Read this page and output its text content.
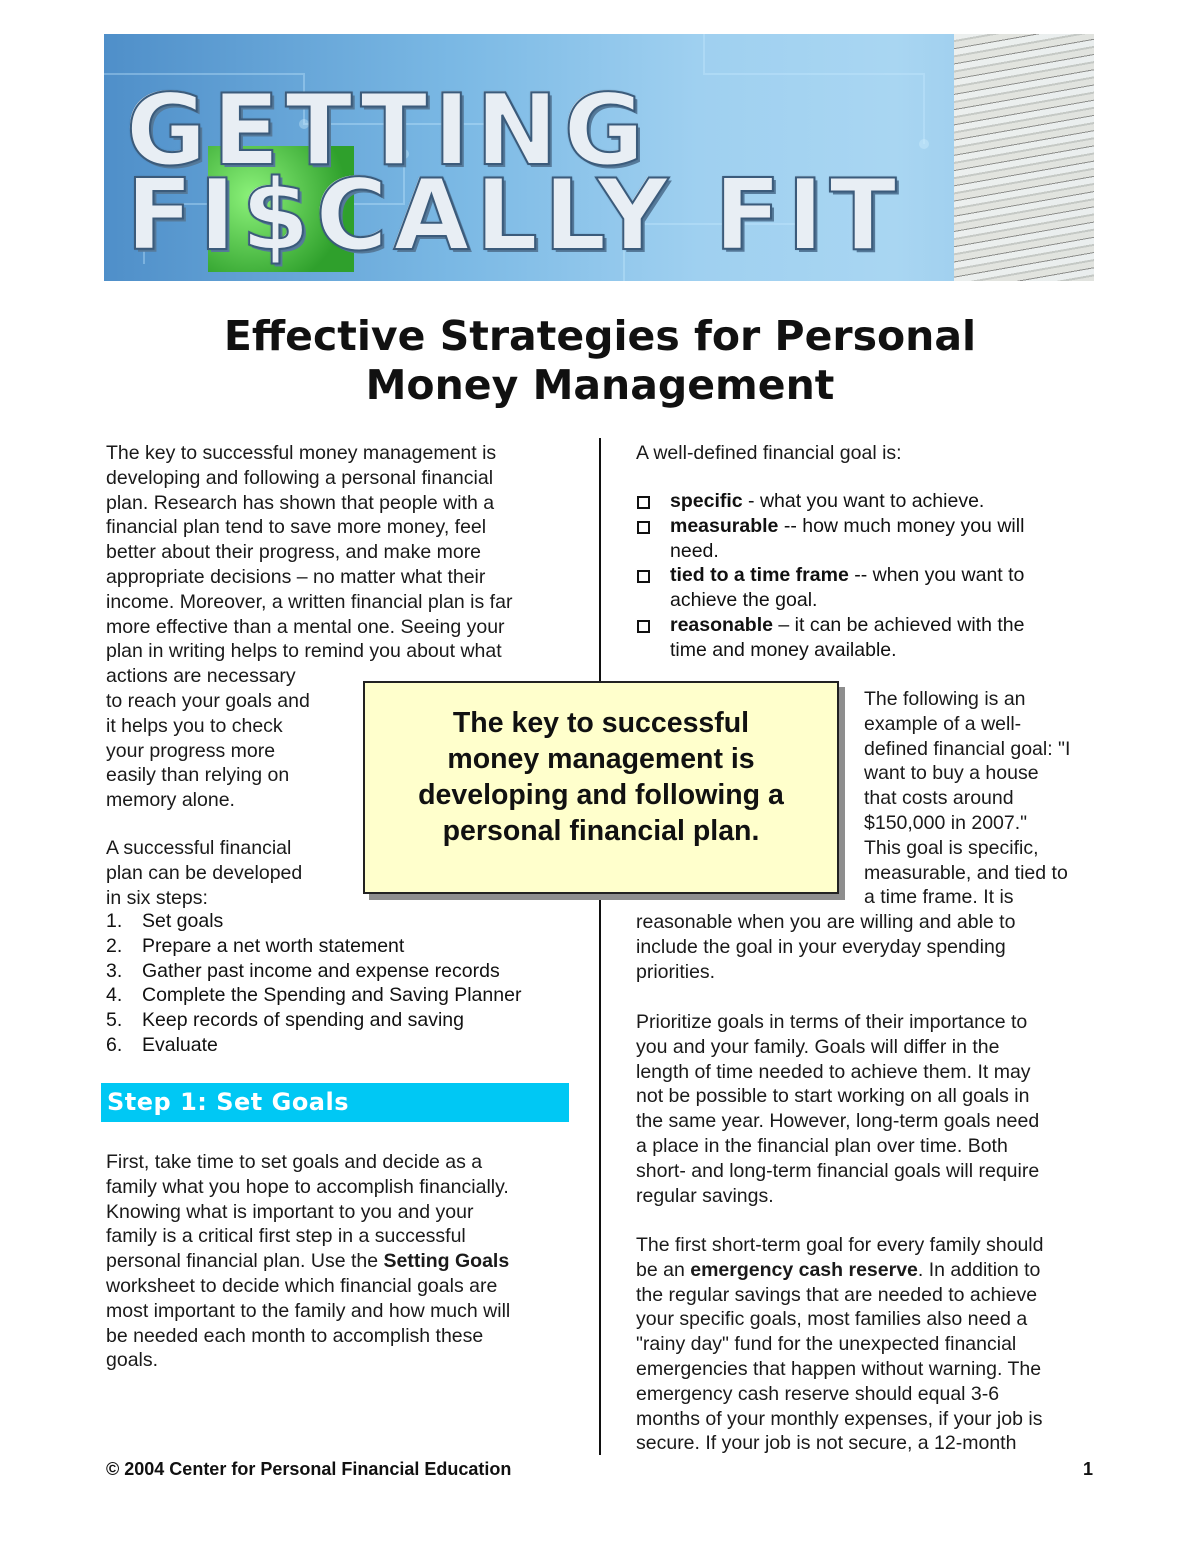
GETTING
FI$CALLY FIT
Effective Strategies for Personal
Money Management
The key to successful money management is
developing and following a personal financial
plan. Research has shown that people with a
financial plan tend to save more money, feel
better about their progress, and make more
appropriate decisions – no matter what their
income. Moreover, a written financial plan is far
more effective than a mental one. Seeing your
plan in writing helps to remind you about what
actions are necessary
to reach your goals and
it helps you to check
your progress more
easily than relying on
memory alone.
A successful financial
plan can be developed
in six steps:
1. Set goals
2. Prepare a net worth statement
3. Gather past income and expense records
4. Complete the Spending and Saving Planner
5. Keep records of spending and saving
6. Evaluate
Step 1: Set Goals
First, take time to set goals and decide as a
family what you hope to accomplish financially.
Knowing what is important to you and your
family is a critical first step in a successful
personal financial plan. Use the Setting Goals
worksheet to decide which financial goals are
most important to the family and how much will
be needed each month to accomplish these
goals.
A well-defined financial goal is:
specific - what you want to achieve.
measurable -- how much money you will
need.
tied to a time frame -- when you want to
achieve the goal.
reasonable – it can be achieved with the
time and money available.
The following is an
example of a well-
defined financial goal: "I
want to buy a house
that costs around
$150,000 in 2007."
This goal is specific,
measurable, and tied to
a time frame. It is
reasonable when you are willing and able to
include the goal in your everyday spending
priorities.
Prioritize goals in terms of their importance to
you and your family. Goals will differ in the
length of time needed to achieve them. It may
not be possible to start working on all goals in
the same year. However, long-term goals need
a place in the financial plan over time. Both
short- and long-term financial goals will require
regular savings.
The first short-term goal for every family should
be an emergency cash reserve. In addition to
the regular savings that are needed to achieve
your specific goals, most families also need a
"rainy day" fund for the unexpected financial
emergencies that happen without warning. The
emergency cash reserve should equal 3-6
months of your monthly expenses, if your job is
secure. If your job is not secure, a 12-month
The key to successful
money management is
developing and following a
personal financial plan.
© 2004 Center for Personal Financial Education	1
